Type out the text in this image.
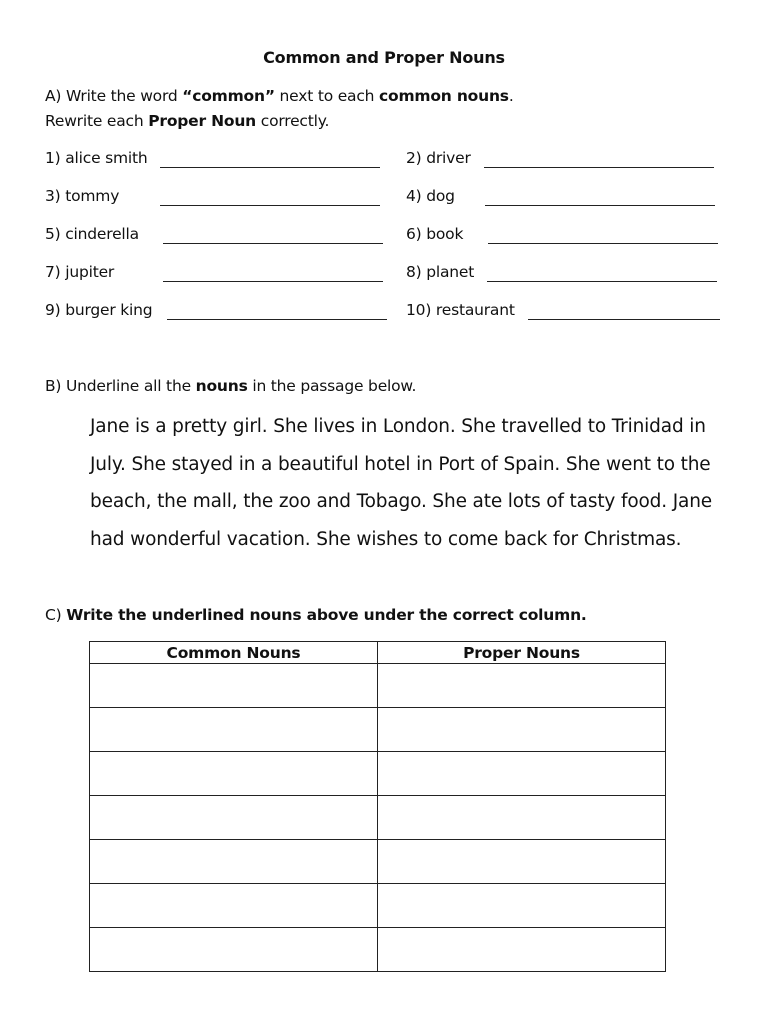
Common and Proper Nouns
A) Write the word “common” next to each common nouns.
Rewrite each Proper Noun correctly.
1) alice smith	2) driver
3) tommy	4) dog
5) cinderella	6) book
7) jupiter	8) planet
9) burger king	10) restaurant
B) Underline all the nouns in the passage below.
Jane is a pretty girl. She lives in London. She travelled to Trinidad in
July. She stayed in a beautiful hotel in Port of Spain. She went to the
beach, the mall, the zoo and Tobago. She ate lots of tasty food. Jane
had wonderful vacation. She wishes to come back for Christmas.
C) Write the underlined nouns above under the correct column.
Common Nouns	Proper Nouns
